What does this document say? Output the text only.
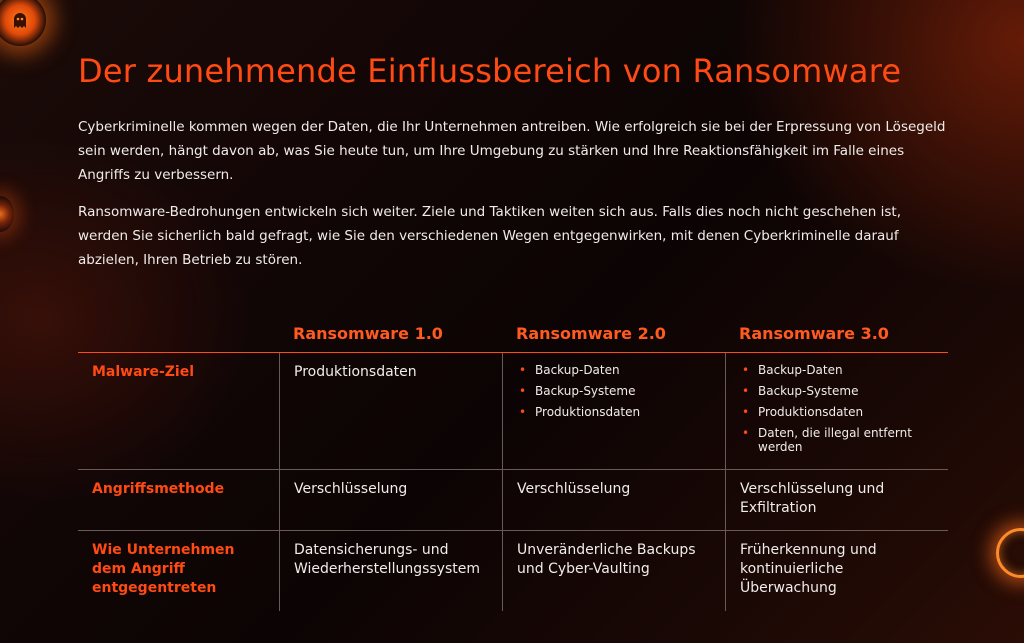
Der zunehmende Einflussbereich von Ransomware

Cyberkriminelle kommen wegen der Daten, die Ihr Unternehmen antreiben. Wie erfolgreich sie bei der Erpressung von Lösegeld sein werden, hängt davon ab, was Sie heute tun, um Ihre Umgebung zu stärken und Ihre Reaktionsfähigkeit im Falle eines Angriffs zu verbessern.

Ransomware-Bedrohungen entwickeln sich weiter. Ziele und Taktiken weiten sich aus. Falls dies noch nicht geschehen ist, werden Sie sicherlich bald gefragt, wie Sie den verschiedenen Wegen entgegenwirken, mit denen Cyberkriminelle darauf abzielen, Ihren Betrieb zu stören.

Ransomware 1.0	Ransomware 2.0	Ransomware 3.0
Malware-Ziel	Produktionsdaten
•	Backup-Daten
• Backup-Systeme
• Produktionsdaten
• Backup-Daten
• Backup-Systeme
• Produktionsdaten
• Daten, die illegal entfernt werden
Angriffsmethode	Verschlüsselung	Verschlüsselung	Verschlüsselung und Exfiltration
Wie Unternehmen dem Angriff entgegentreten
Datensicherungs- und Wiederherstellungssystem
Unveränderliche Backups und Cyber-Vaulting
Früherkennung und kontinuierliche Überwachung
